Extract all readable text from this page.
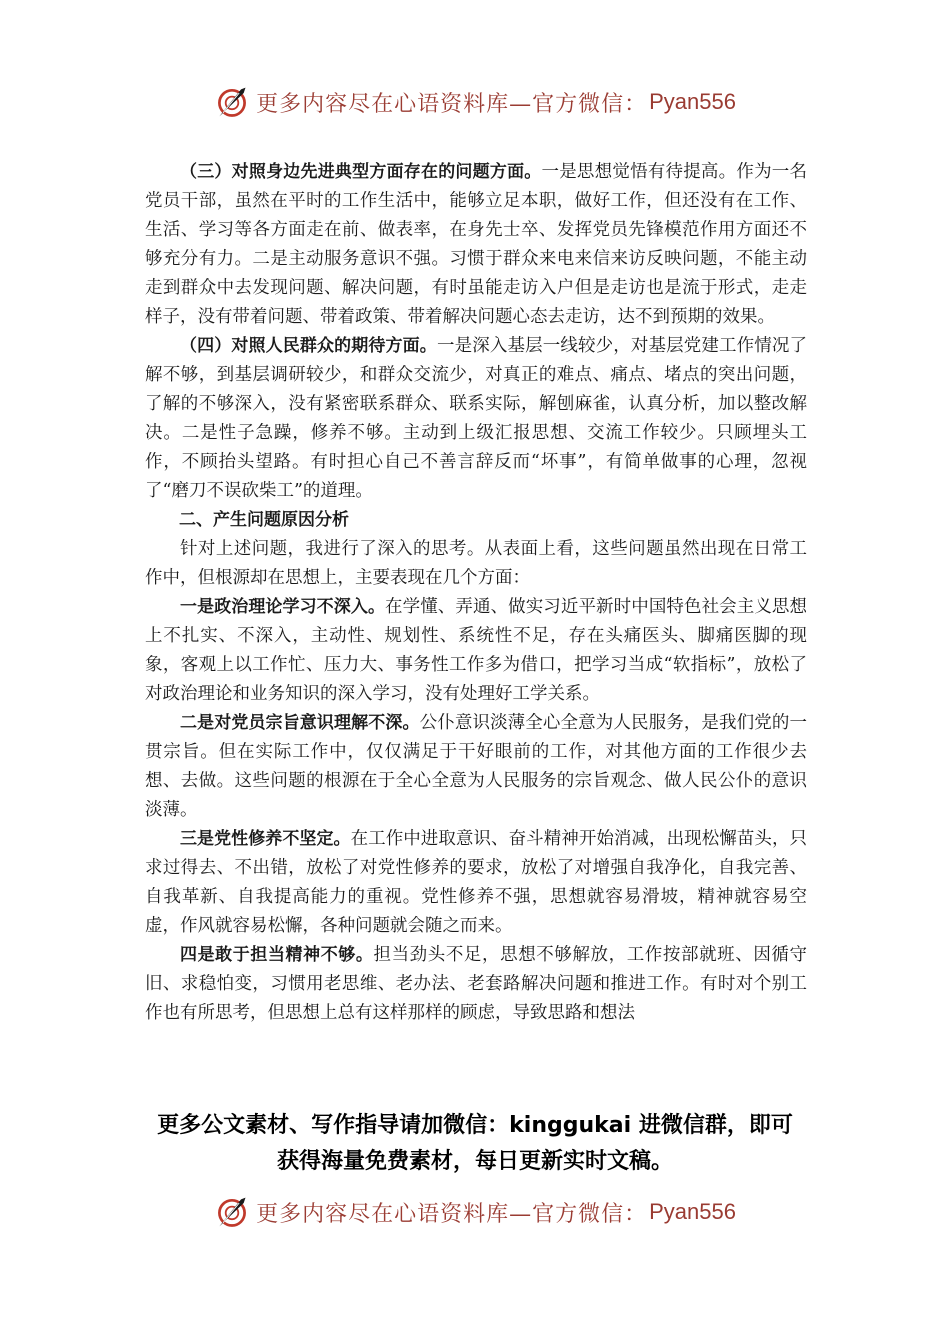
更多内容尽在心语资料库—官方微信： Pyan556

（三）对照身边先进典型方面存在的问题方面。一是思想觉悟有待提高。作为一名党员干部，虽然在平时的工作生活中，能够立足本职，做好工作，但还没有在工作、生活、学习等各方面走在前、做表率，在身先士卒、发挥党员先锋模范作用方面还不够充分有力。二是主动服务意识不强。习惯于群众来电来信来访反映问题，不能主动走到群众中去发现问题、解决问题，有时虽能走访入户但是走访也是流于形式，走走样子，没有带着问题、带着政策、带着解决问题心态去走访，达不到预期的效果。

（四）对照人民群众的期待方面。一是深入基层一线较少，对基层党建工作情况了解不够，到基层调研较少，和群众交流少，对真正的难点、痛点、堵点的突出问题，了解的不够深入，没有紧密联系群众、联系实际，解刨麻雀，认真分析，加以整改解决。二是性子急躁，修养不够。主动到上级汇报思想、交流工作较少。只顾埋头工作，不顾抬头望路。有时担心自己不善言辞反而“坏事”，有简单做事的心理，忽视了“磨刀不误砍柴工”的道理。

二、产生问题原因分析

针对上述问题，我进行了深入的思考。从表面上看，这些问题虽然出现在日常工作中，但根源却在思想上，主要表现在几个方面：

一是政治理论学习不深入。在学懂、弄通、做实习近平新时中国特色社会主义思想上不扎实、不深入，主动性、规划性、系统性不足，存在头痛医头、脚痛医脚的现象，客观上以工作忙、压力大、事务性工作多为借口，把学习当成“软指标”，放松了对政治理论和业务知识的深入学习，没有处理好工学关系。

二是对党员宗旨意识理解不深。公仆意识淡薄全心全意为人民服务，是我们党的一贯宗旨。但在实际工作中，仅仅满足于干好眼前的工作，对其他方面的工作很少去想、去做。这些问题的根源在于全心全意为人民服务的宗旨观念、做人民公仆的意识淡薄。

三是党性修养不坚定。在工作中进取意识、奋斗精神开始消减，出现松懈苗头，只求过得去、不出错，放松了对党性修养的要求，放松了对增强自我净化，自我完善、自我革新、自我提高能力的重视。党性修养不强，思想就容易滑坡，精神就容易空虚，作风就容易松懈，各种问题就会随之而来。

四是敢于担当精神不够。担当劲头不足，思想不够解放，工作按部就班、因循守旧、求稳怕变，习惯用老思维、老办法、老套路解决问题和推进工作。有时对个别工作也有所思考，但思想上总有这样那样的顾虑，导致思路和想法

更多公文素材、写作指导请加微信：kinggukai 进微信群，即可
获得海量免费素材，每日更新实时文稿。
更多内容尽在心语资料库—官方微信： Pyan556
